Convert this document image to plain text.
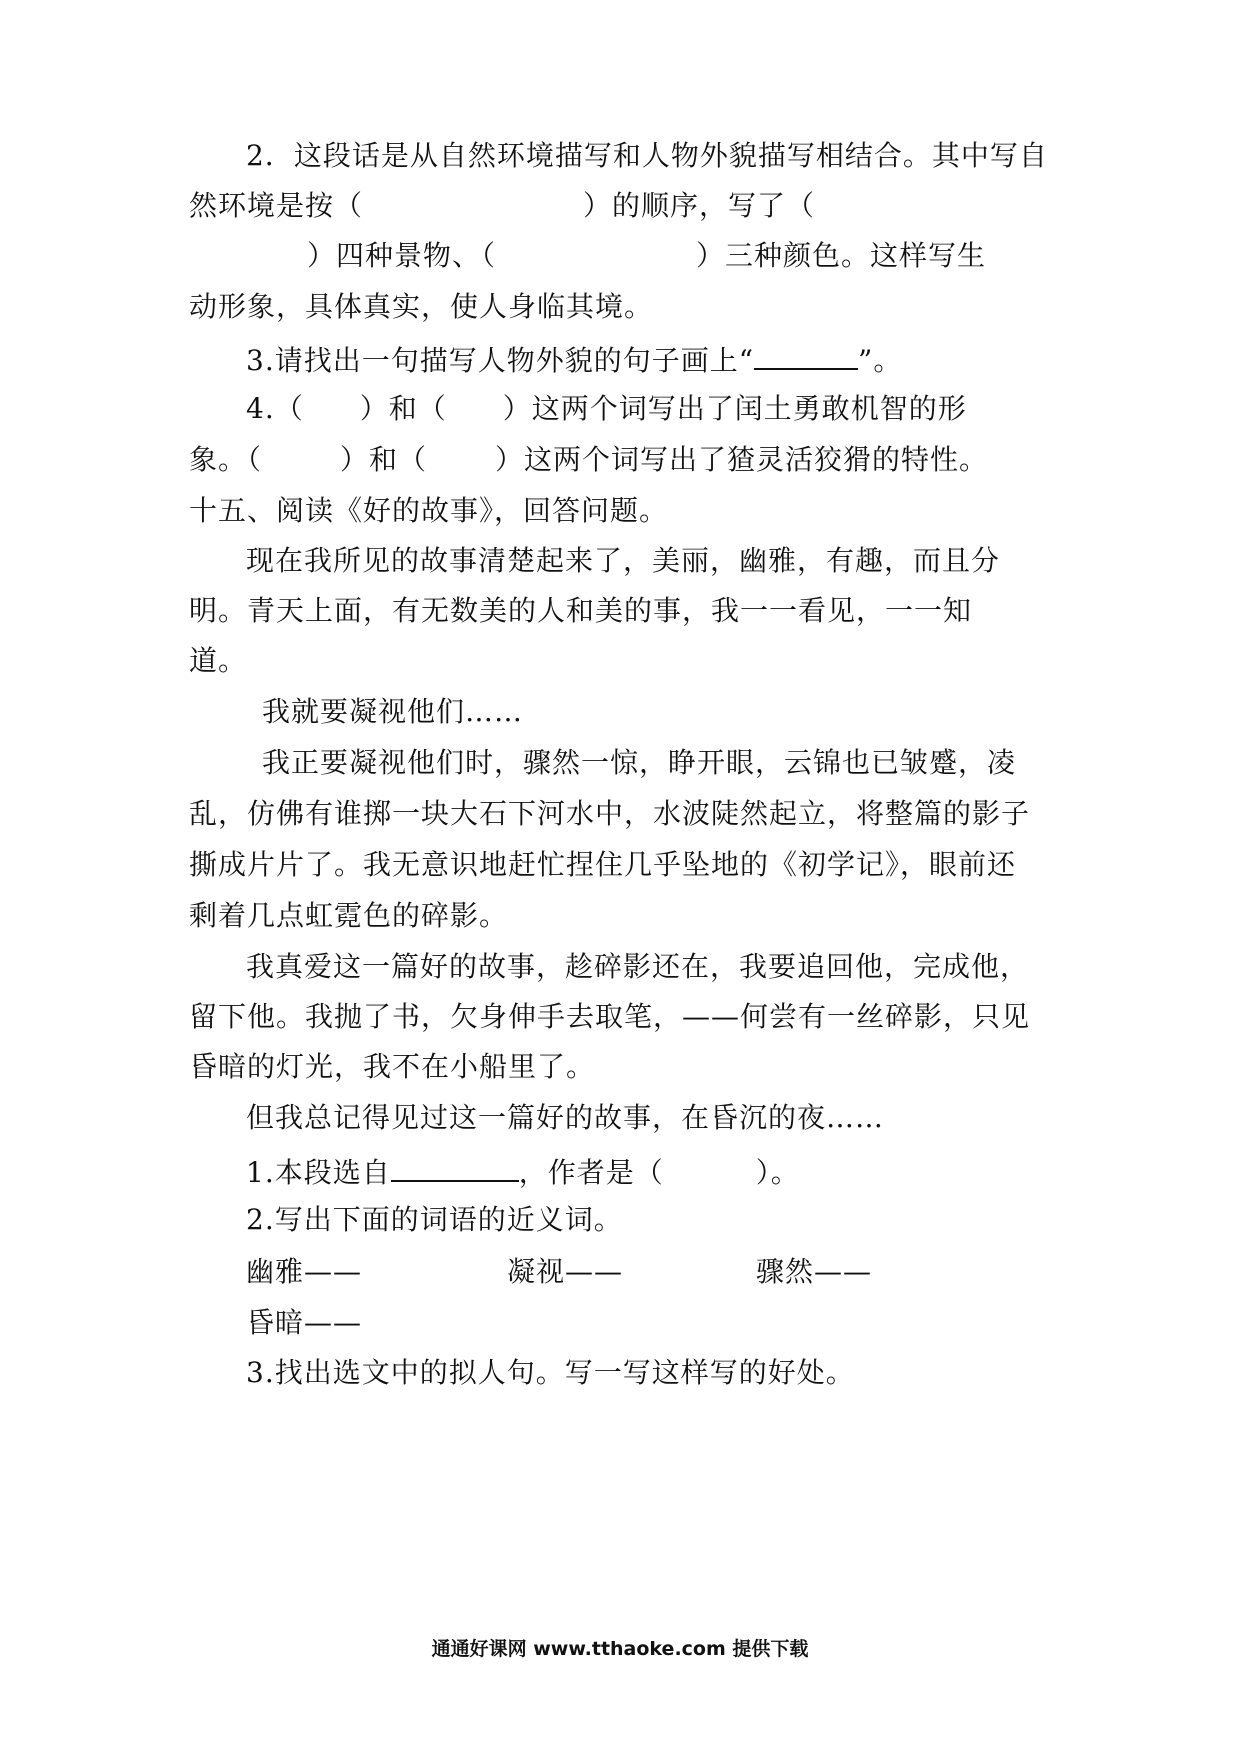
2．这段话是从自然环境描写和人物外貌描写相结合。其中写自
然环境是按（	）的顺序，写了（
）四种景物、（	）三种颜色。这样写生
动形象，具体真实，使人身临其境。
3.请找出一句描写人物外貌的句子画上“	”。
4.（ ）和（ ）这两个词写出了闰土勇敢机智的形
象。（	）和（ ）这两个词写出了猹灵活狡猾的特性。
十五、阅读《好的故事》，回答问题。
现在我所见的故事清楚起来了，美丽，幽雅，有趣，而且分
明。青天上面，有无数美的人和美的事，我一一看见，一一知
道。
我就要凝视他们……
我正要凝视他们时，骤然一惊，睁开眼，云锦也已皱蹙，凌
乱，仿佛有谁掷一块大石下河水中，水波陡然起立，将整篇的影子
撕成片片了。我无意识地赶忙捏住几乎坠地的《初学记》，眼前还
剩着几点虹霓色的碎影。
我真爱这一篇好的故事，趁碎影还在，我要追回他，完成他，
留下他。我抛了书，欠身伸手去取笔，——何尝有一丝碎影，只见
昏暗的灯光，我不在小船里了。
但我总记得见过这一篇好的故事，在昏沉的夜……
1.本段选自	，作者是（	）。
2.写出下面的词语的近义词。
幽雅——	凝视——	骤然——
昏暗——
3.找出选文中的拟人句。写一写这样写的好处。
通通好课网 www.tthaoke.com 提供下载
